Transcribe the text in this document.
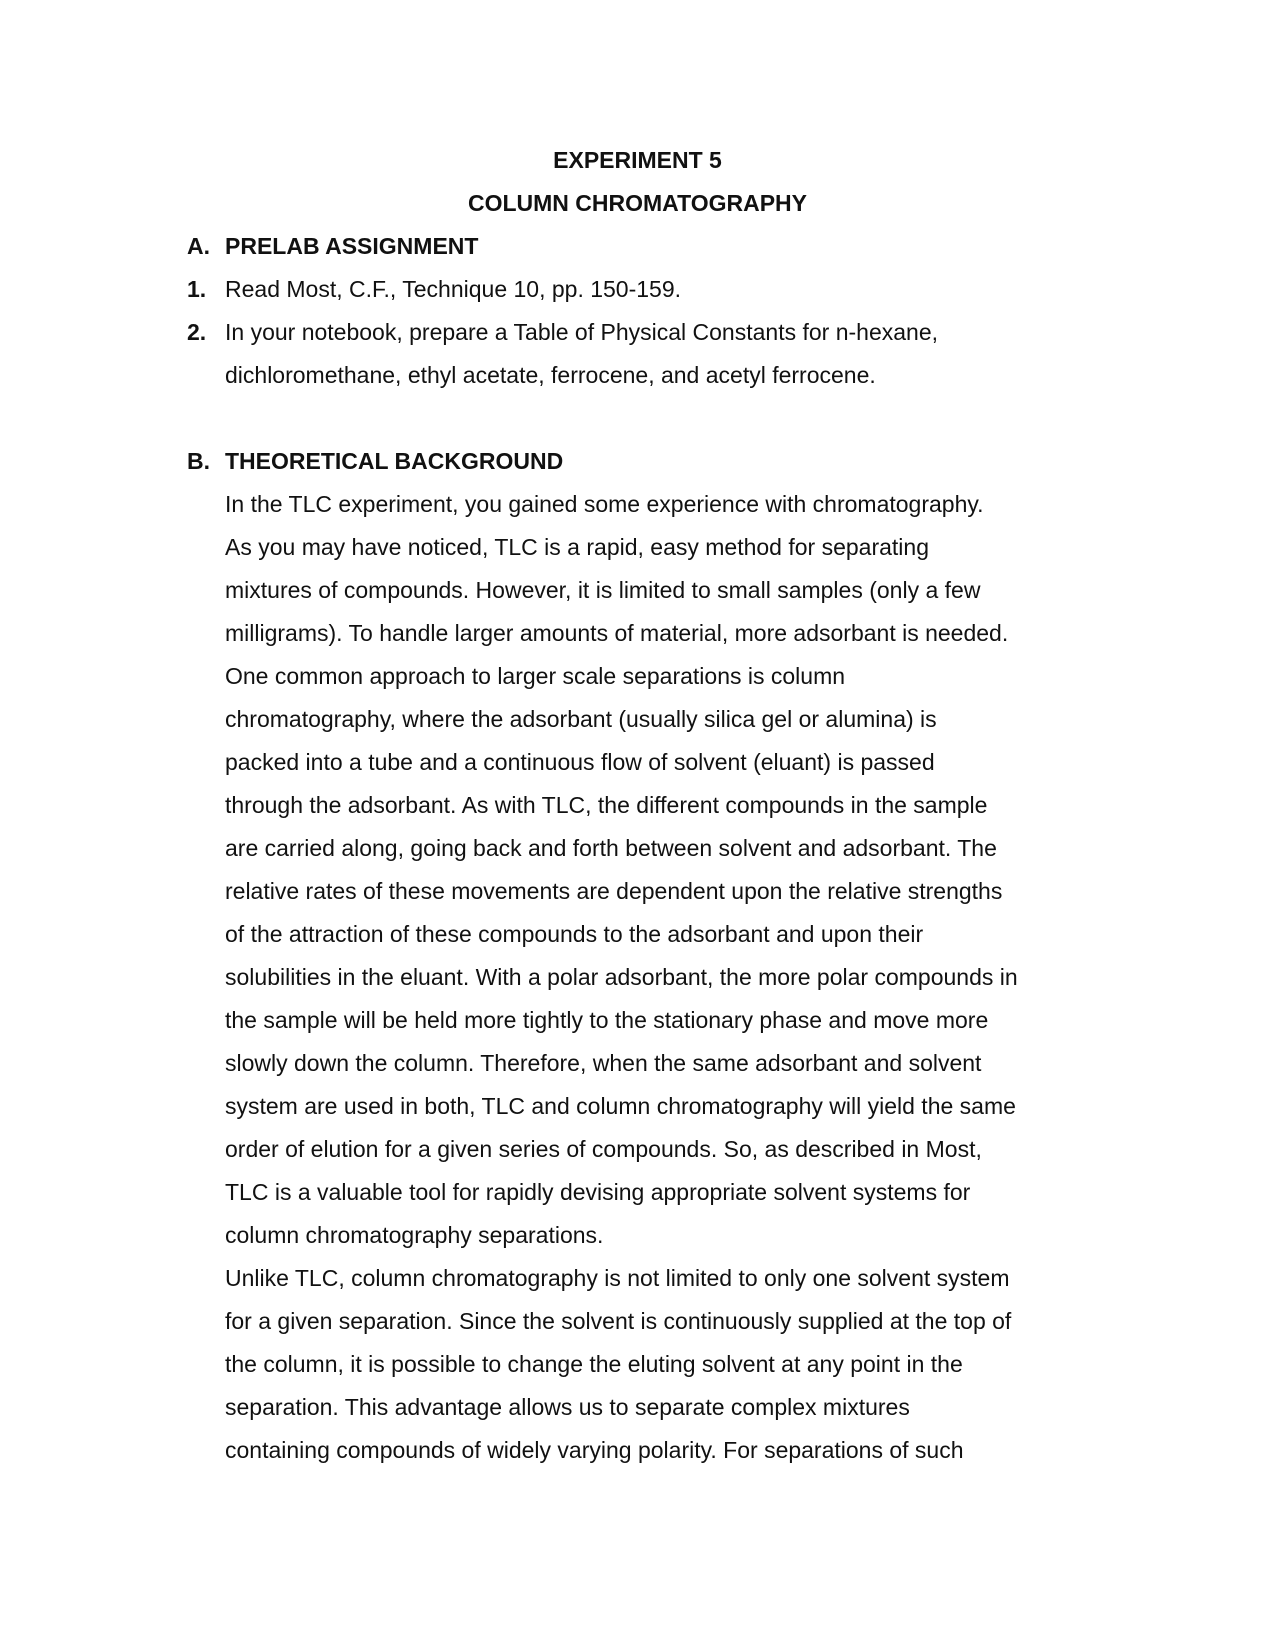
EXPERIMENT 5
COLUMN CHROMATOGRAPHY
A. PRELAB ASSIGNMENT
1. Read Most, C.F., Technique 10, pp. 150-159.
2. In your notebook, prepare a Table of Physical Constants for n-hexane,
dichloromethane, ethyl acetate, ferrocene, and acetyl ferrocene.
B. THEORETICAL BACKGROUND
In the TLC experiment, you gained some experience with chromatography.
As you may have noticed, TLC is a rapid, easy method for separating
mixtures of compounds. However, it is limited to small samples (only a few
milligrams). To handle larger amounts of material, more adsorbant is needed.
One common approach to larger scale separations is column
chromatography, where the adsorbant (usually silica gel or alumina) is
packed into a tube and a continuous flow of solvent (eluant) is passed
through the adsorbant. As with TLC, the different compounds in the sample
are carried along, going back and forth between solvent and adsorbant. The
relative rates of these movements are dependent upon the relative strengths
of the attraction of these compounds to the adsorbant and upon their
solubilities in the eluant. With a polar adsorbant, the more polar compounds in
the sample will be held more tightly to the stationary phase and move more
slowly down the column. Therefore, when the same adsorbant and solvent
system are used in both, TLC and column chromatography will yield the same
order of elution for a given series of compounds. So, as described in Most,
TLC is a valuable tool for rapidly devising appropriate solvent systems for
column chromatography separations.
Unlike TLC, column chromatography is not limited to only one solvent system
for a given separation. Since the solvent is continuously supplied at the top of
the column, it is possible to change the eluting solvent at any point in the
separation. This advantage allows us to separate complex mixtures
containing compounds of widely varying polarity. For separations of such
